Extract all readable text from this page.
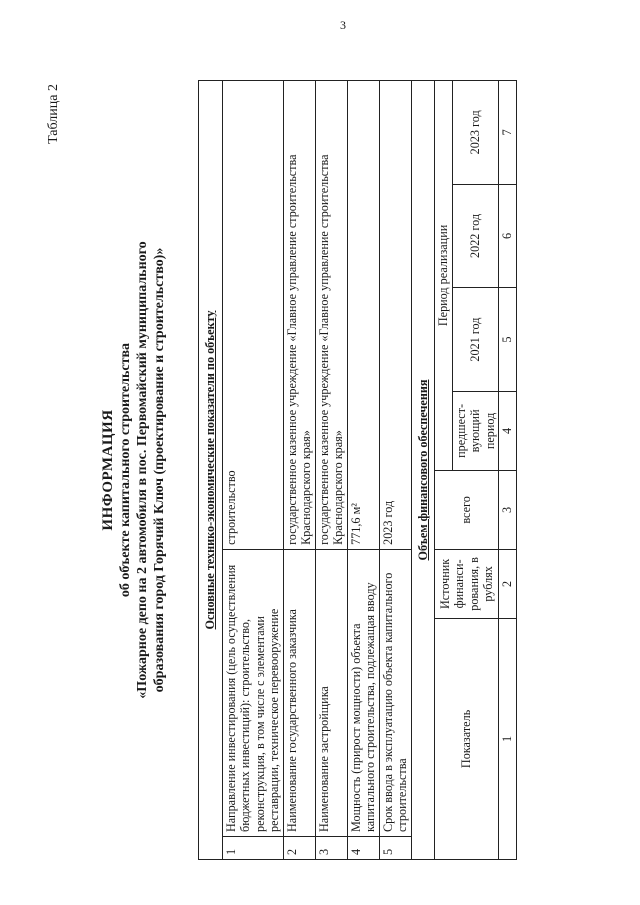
3
Таблица 2
ИНФОРМАЦИЯ об объекте капитального строительства «Пожарное депо на 2 автомобиля в пос. Первомайский муниципального образования город Горячий Ключ (проектирование и строительство)»	Основные технико-экономические показатели по объекту							
1	Направление инвестирования (цель осуществления бюджетных инвестиций): строительство, реконструкция, в том числе с элементами реставрации, техническое перевооружение		строительство				
2	Наименование государственного заказчика		государственное казенное учреждение «Главное управление строительства Краснодарского края»				
3	Наименование застройщика		государственное казенное учреждение «Главное управление строительства Краснодарского края»				
4	Мощность (прирост мощности) объекта капитального строительства, подлежащая вводу		771,6 м²				
5	Срок ввода в эксплуатацию объекта капитального строительства		2023 год				
Объем финансового обеспечения							
Показатель		Источник финанси-рования, в рублях	всего	Период реализации			
				предшест-вующий период	2021 год	2022 год	2023 год
1		2	3	4	5	6	7
